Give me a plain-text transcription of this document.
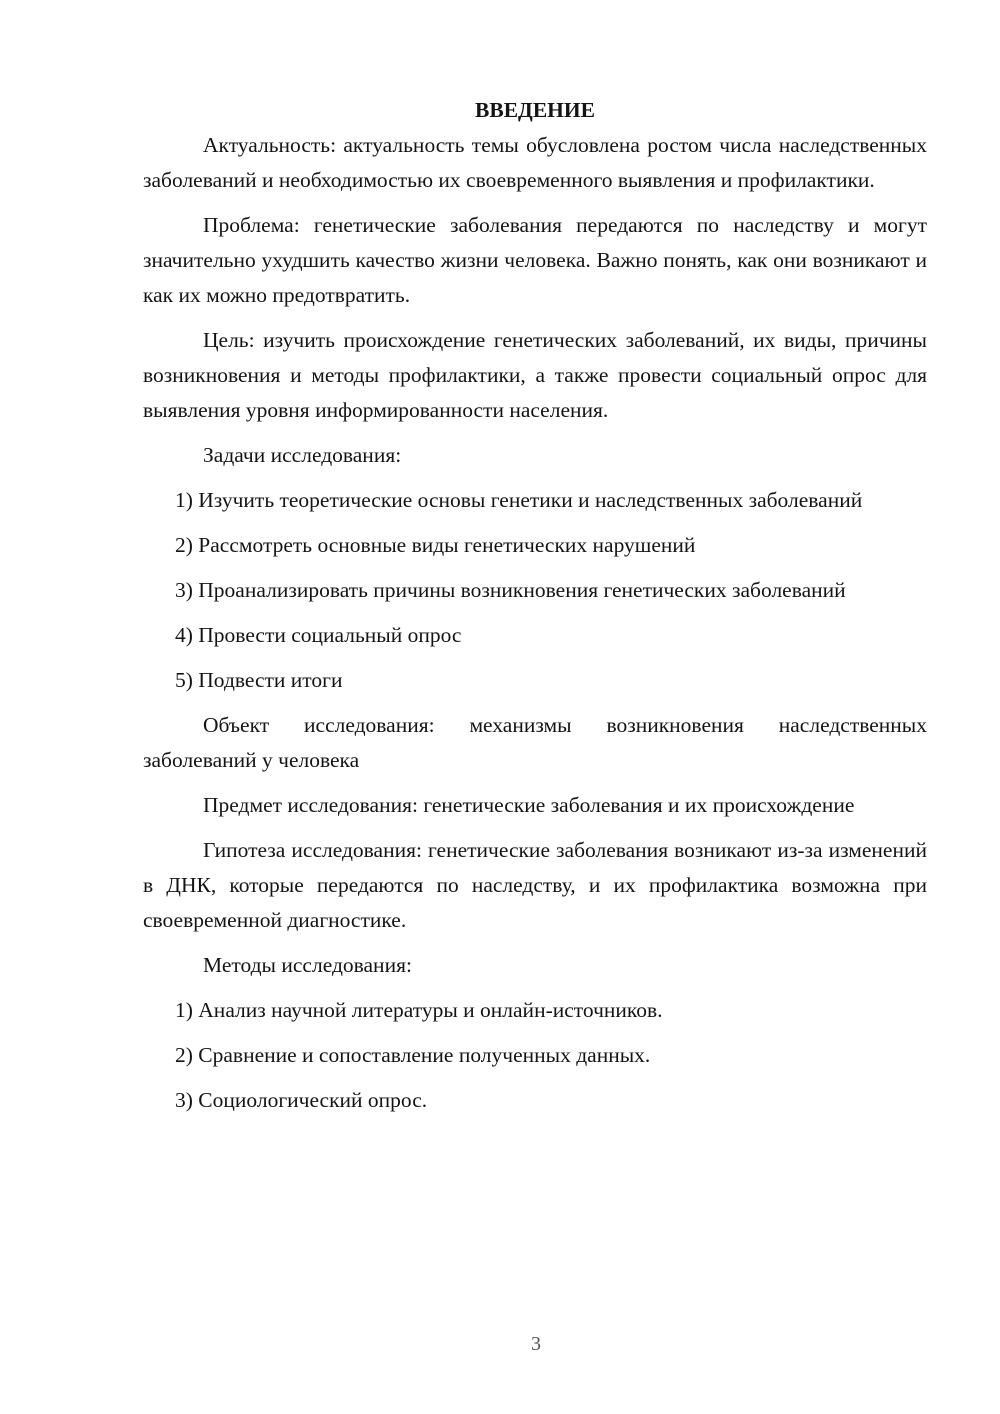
ВВЕДЕНИЕ

Актуальность: актуальность темы обусловлена ростом числа наследственных заболеваний и необходимостью их своевременного выявления и профилактики.

Проблема: генетические заболевания передаются по наследству и могут значительно ухудшить качество жизни человека. Важно понять, как они возникают и как их можно предотвратить.

Цель: изучить происхождение генетических заболеваний, их виды, причины возникновения и методы профилактики, а также провести социальный опрос для выявления уровня информированности населения.

Задачи исследования:

1) Изучить теоретические основы генетики и наследственных заболеваний

2) Рассмотреть основные виды генетических нарушений

3) Проанализировать причины возникновения генетических заболеваний

4) Провести социальный опрос

5) Подвести итоги

Объект исследования: механизмы возникновения наследственных заболеваний у человека

Предмет исследования: генетические заболевания и их происхождение

Гипотеза исследования: генетические заболевания возникают из-за изменений в ДНК, которые передаются по наследству, и их профилактика возможна при своевременной диагностике.

Методы исследования:

1) Анализ научной литературы и онлайн-источников.

2) Сравнение и сопоставление полученных данных.

3) Социологический опрос.

3
